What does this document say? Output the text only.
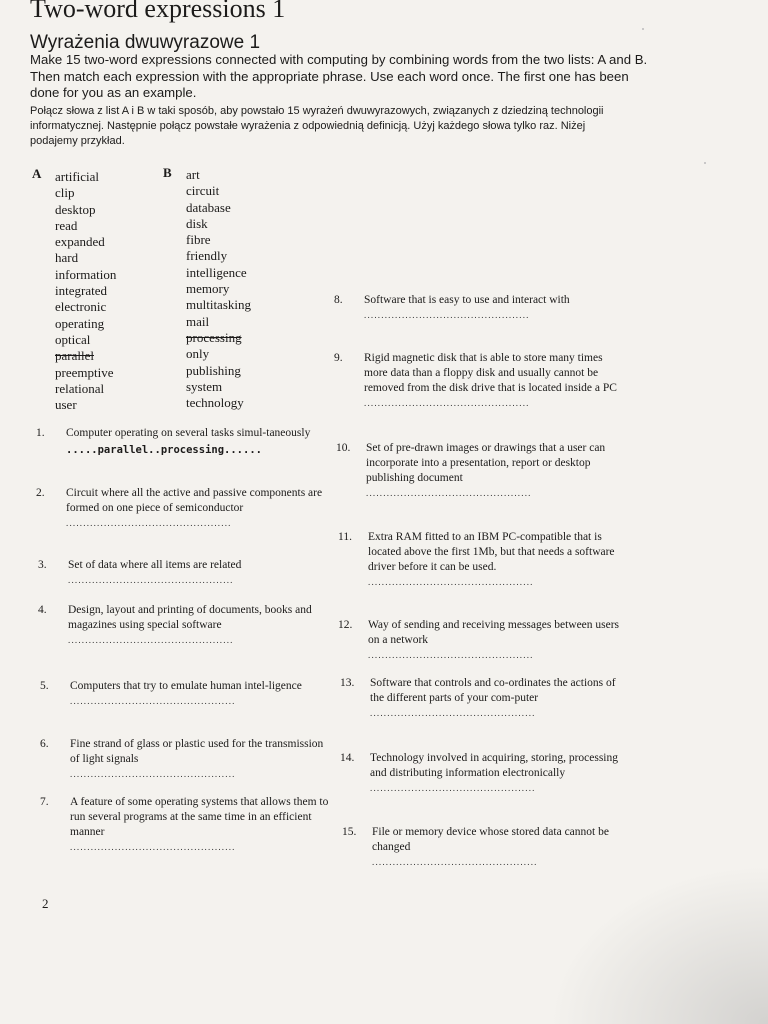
Two-word expressions 1
Wyrażenia dwuwyrazowe 1
Make 15 two-word expressions connected with computing by combining words from the two lists: A and B. Then match each expression with the appropriate phrase. Use each word once. The first one has been done for you as an example.
Połącz słowa z list A i B w taki sposób, aby powstało 15 wyrażeń dwuwyrazowych, związanych z dziedziną technologii informatycznej. Następnie połącz powstałe wyrażenia z odpowiednią definicją. Użyj każdego słowa tylko raz. Niżej podajemy przykład.
A artificial
clip
desktop
read
expanded
hard
information
integrated
electronic
operating
optical
parallel
preemptive
relational
user
B art
circuit
database
disk
fibre
friendly
intelligence
memory
multitasking
mail
processing
only
publishing
system
technology
1. Computer operating on several tasks simul-taneously
.....parallel..processing......
2. Circuit where all the active and passive components are formed on one piece of semiconductor
................................................
3. Set of data where all items are related
................................................
4. Design, layout and printing of documents, books and magazines using special software
................................................
5. Computers that try to emulate human intel-ligence
................................................
6. Fine strand of glass or plastic used for the transmission of light signals
................................................
7. A feature of some operating systems that allows them to run several programs at the same time in an efficient manner
................................................
8. Software that is easy to use and interact with
................................................
9. Rigid magnetic disk that is able to store many times more data than a floppy disk and usually cannot be removed from the disk drive that is located inside a PC
................................................
10. Set of pre-drawn images or drawings that a user can incorporate into a presentation, report or desktop publishing document
................................................
11. Extra RAM fitted to an IBM PC-compatible that is located above the first 1Mb, but that needs a software driver before it can be used.
................................................
12. Way of sending and receiving messages between users on a network
................................................
13. Software that controls and co-ordinates the actions of the different parts of your com-puter
................................................
14. Technology involved in acquiring, storing, processing and distributing information electronically
................................................
15. File or memory device whose stored data cannot be changed
................................................
2
